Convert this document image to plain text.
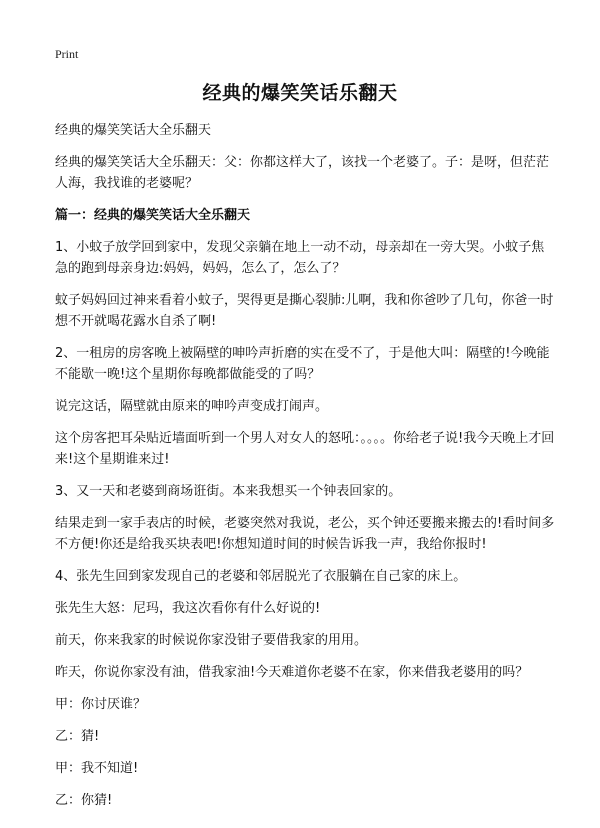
Print
经典的爆笑笑话乐翻天

经典的爆笑笑话大全乐翻天

经典的爆笑笑话大全乐翻天：父：你都这样大了，该找一个老婆了。子：是呀，但茫茫人海，我找谁的老婆呢？

篇一：经典的爆笑笑话大全乐翻天

1、小蚊子放学回到家中，发现父亲躺在地上一动不动，母亲却在一旁大哭。小蚊子焦急的跑到母亲身边:妈妈，妈妈，怎么了，怎么了？

蚊子妈妈回过神来看着小蚊子，哭得更是撕心裂肺:儿啊，我和你爸吵了几句，你爸一时想不开就喝花露水自杀了啊!

2、一租房的房客晚上被隔壁的呻吟声折磨的实在受不了，于是他大叫：隔壁的!今晚能不能歇一晚!这个星期你每晚都做能受的了吗？

说完这话，隔壁就由原来的呻吟声变成打闹声。

这个房客把耳朵贴近墙面听到一个男人对女人的怒吼：。。。。你给老子说!我今天晚上才回来!这个星期谁来过!

3、又一天和老婆到商场诳街。本来我想买一个钟表回家的。

结果走到一家手表店的时候，老婆突然对我说，老公，买个钟还要搬来搬去的!看时间多不方便!你还是给我买块表吧!你想知道时间的时候告诉我一声，我给你报时!

4、张先生回到家发现自己的老婆和邻居脱光了衣服躺在自己家的床上。

张先生大怒：尼玛，我这次看你有什么好说的!

前天，你来我家的时候说你家没钳子要借我家的用用。

昨天，你说你家没有油，借我家油!今天难道你老婆不在家，你来借我老婆用的吗？

甲：你讨厌谁？

乙：猜!

甲：我不知道!

乙：你猜!
